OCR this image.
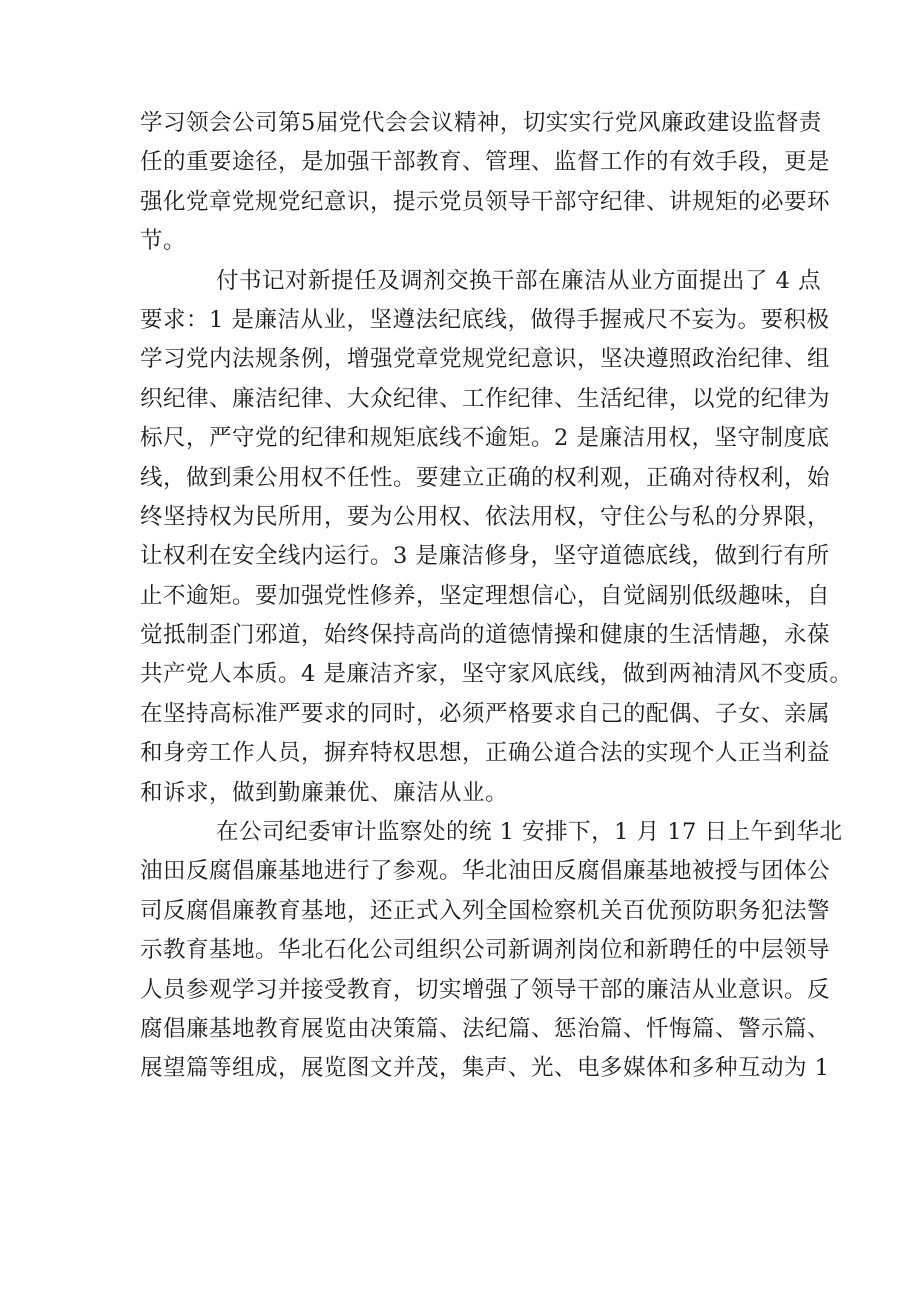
学习领会公司第5届党代会会议精神，切实实行党风廉政建设监督责
任的重要途径，是加强干部教育、管理、监督工作的有效手段，更是
强化党章党规党纪意识，提示党员领导干部守纪律、讲规矩的必要环
节。
付书记对新提任及调剂交换干部在廉洁从业方面提出了 4 点
要求：1 是廉洁从业，坚遵法纪底线，做得手握戒尺不妄为。要积极
学习党内法规条例，增强党章党规党纪意识，坚决遵照政治纪律、组
织纪律、廉洁纪律、大众纪律、工作纪律、生活纪律，以党的纪律为
标尺，严守党的纪律和规矩底线不逾矩。2 是廉洁用权，坚守制度底
线，做到秉公用权不任性。要建立正确的权利观，正确对待权利，始
终坚持权为民所用，要为公用权、依法用权，守住公与私的分界限，
让权利在安全线内运行。3 是廉洁修身，坚守道德底线，做到行有所
止不逾矩。要加强党性修养，坚定理想信心，自觉阔别低级趣味，自
觉抵制歪门邪道，始终保持高尚的道德情操和健康的生活情趣，永葆
共产党人本质。4 是廉洁齐家，坚守家风底线，做到两袖清风不变质。
在坚持高标准严要求的同时，必须严格要求自己的配偶、子女、亲属
和身旁工作人员，摒弃特权思想，正确公道合法的实现个人正当利益
和诉求，做到勤廉兼优、廉洁从业。
在公司纪委审计监察处的统 1 安排下，1 月 17 日上午到华北
油田反腐倡廉基地进行了参观。华北油田反腐倡廉基地被授与团体公
司反腐倡廉教育基地，还正式入列全国检察机关百优预防职务犯法警
示教育基地。华北石化公司组织公司新调剂岗位和新聘任的中层领导
人员参观学习并接受教育，切实增强了领导干部的廉洁从业意识。反
腐倡廉基地教育展览由决策篇、法纪篇、惩治篇、忏悔篇、警示篇、
展望篇等组成，展览图文并茂，集声、光、电多媒体和多种互动为 1
